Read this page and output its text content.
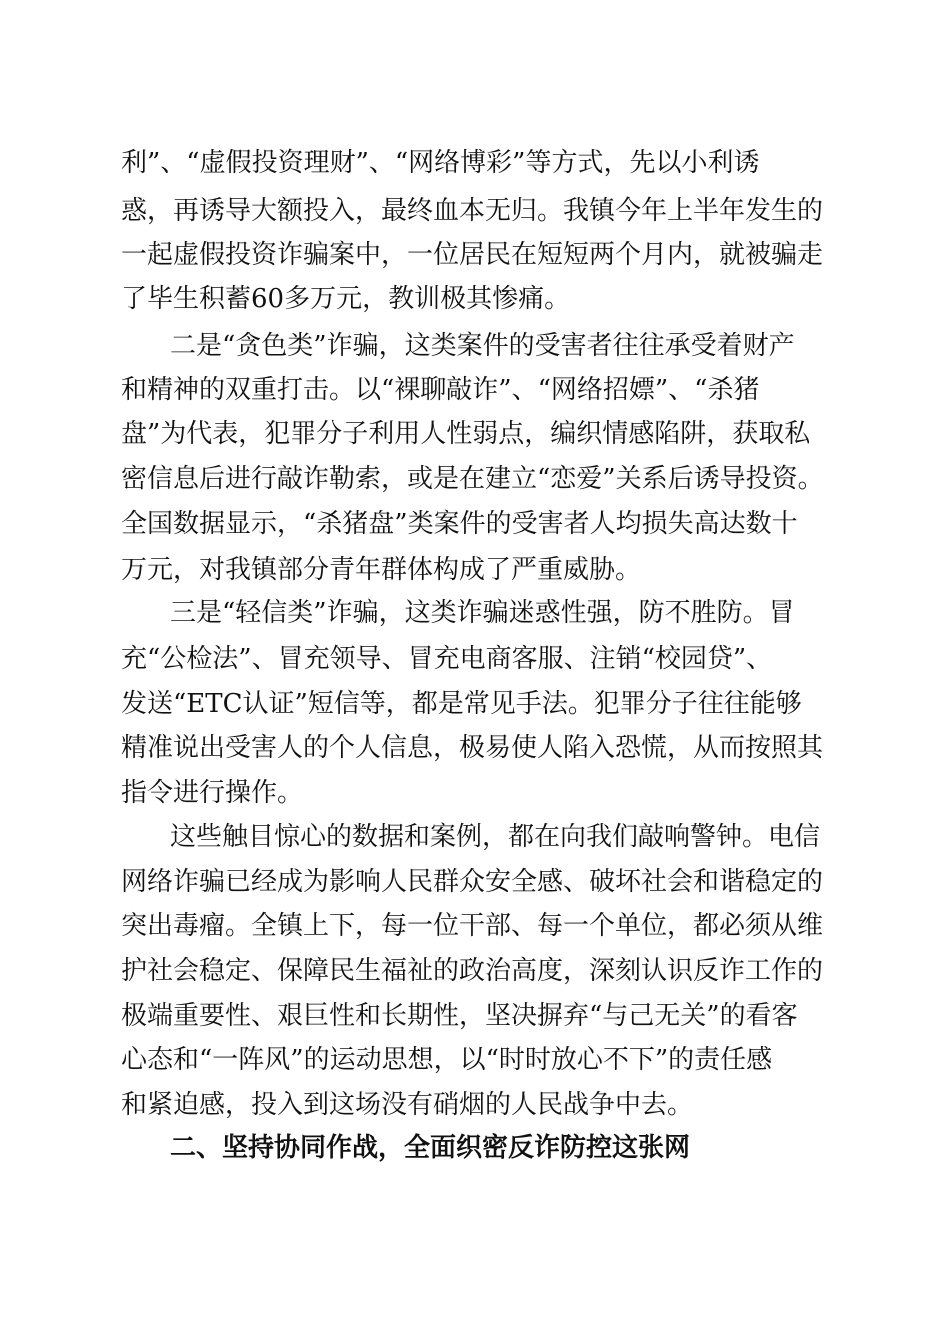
利”、“虚假投资理财”、“网络博彩”等方式，先以小利诱
惑，再诱导大额投入，最终血本无归。我镇今年上半年发生的
一起虚假投资诈骗案中，一位居民在短短两个月内，就被骗走
了毕生积蓄60多万元，教训极其惨痛。
二是“贪色类”诈骗，这类案件的受害者往往承受着财产
和精神的双重打击。以“裸聊敲诈”、“网络招嫖”、“杀猪
盘”为代表，犯罪分子利用人性弱点，编织情感陷阱，获取私
密信息后进行敲诈勒索，或是在建立“恋爱”关系后诱导投资。
全国数据显示，“杀猪盘”类案件的受害者人均损失高达数十
万元，对我镇部分青年群体构成了严重威胁。
三是“轻信类”诈骗，这类诈骗迷惑性强，防不胜防。冒
充“公检法”、冒充领导、冒充电商客服、注销“校园贷”、
发送“ETC认证”短信等，都是常见手法。犯罪分子往往能够
精准说出受害人的个人信息，极易使人陷入恐慌，从而按照其
指令进行操作。
这些触目惊心的数据和案例，都在向我们敲响警钟。电信
网络诈骗已经成为影响人民群众安全感、破坏社会和谐稳定的
突出毒瘤。全镇上下，每一位干部、每一个单位，都必须从维
护社会稳定、保障民生福祉的政治高度，深刻认识反诈工作的
极端重要性、艰巨性和长期性，坚决摒弃“与己无关”的看客
心态和“一阵风”的运动思想，以“时时放心不下”的责任感
和紧迫感，投入到这场没有硝烟的人民战争中去。
二、坚持协同作战，全面织密反诈防控这张网
